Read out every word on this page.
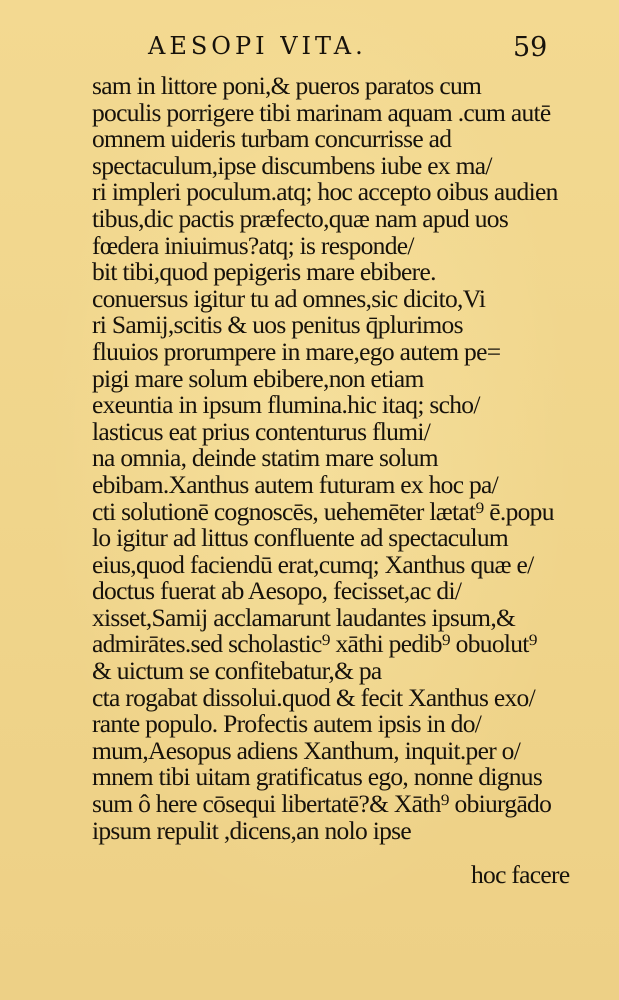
AESOPI VITA.	59
sam in littore poni,& pueros paratos cum
poculis porrigere tibi marinam aquam .cum autē
omnem uideris turbam concurrisse ad
spectaculum,ipse discumbens iube ex ma/
ri impleri poculum.atq; hoc accepto oibus audien
tibus,dic pactis præfecto,quæ nam apud uos
fœdera iniuimus?atq; is responde/
bit tibi,quod pepigeris mare ebibere.
conuersus igitur tu ad omnes,sic dicito,Vi
ri Samij,scitis & uos penitus q̄plurimos
fluuios prorumpere in mare,ego autem pe=
pigi mare solum ebibere,non etiam
exeuntia in ipsum flumina.hic itaq; scho/
lasticus eat prius contenturus flumi/
na omnia, deinde statim mare solum
ebibam.Xanthus autem futuram ex hoc pa/
cti solutionē cognoscēs, uehemēter lætat⁹ ē.popu
lo igitur ad littus confluente ad spectaculum
eius,quod faciendū erat,cumq; Xanthus quæ e/
doctus fuerat ab Aesopo, fecisset,ac di/
xisset,Samij acclamarunt laudantes ipsum,&
admirātes.sed scholastic⁹ xāthi pedib⁹ obuolut⁹
& uictum se confitebatur,& pa
cta rogabat dissolui.quod & fecit Xanthus exo/
rante populo. Profectis autem ipsis in do/
mum,Aesopus adiens Xanthum, inquit.per o/
mnem tibi uitam gratificatus ego, nonne dignus
sum ô here cōsequi libertatē?& Xāth⁹ obiurgādo
ipsum repulit ,dicens,an nolo ipse
hoc facere
